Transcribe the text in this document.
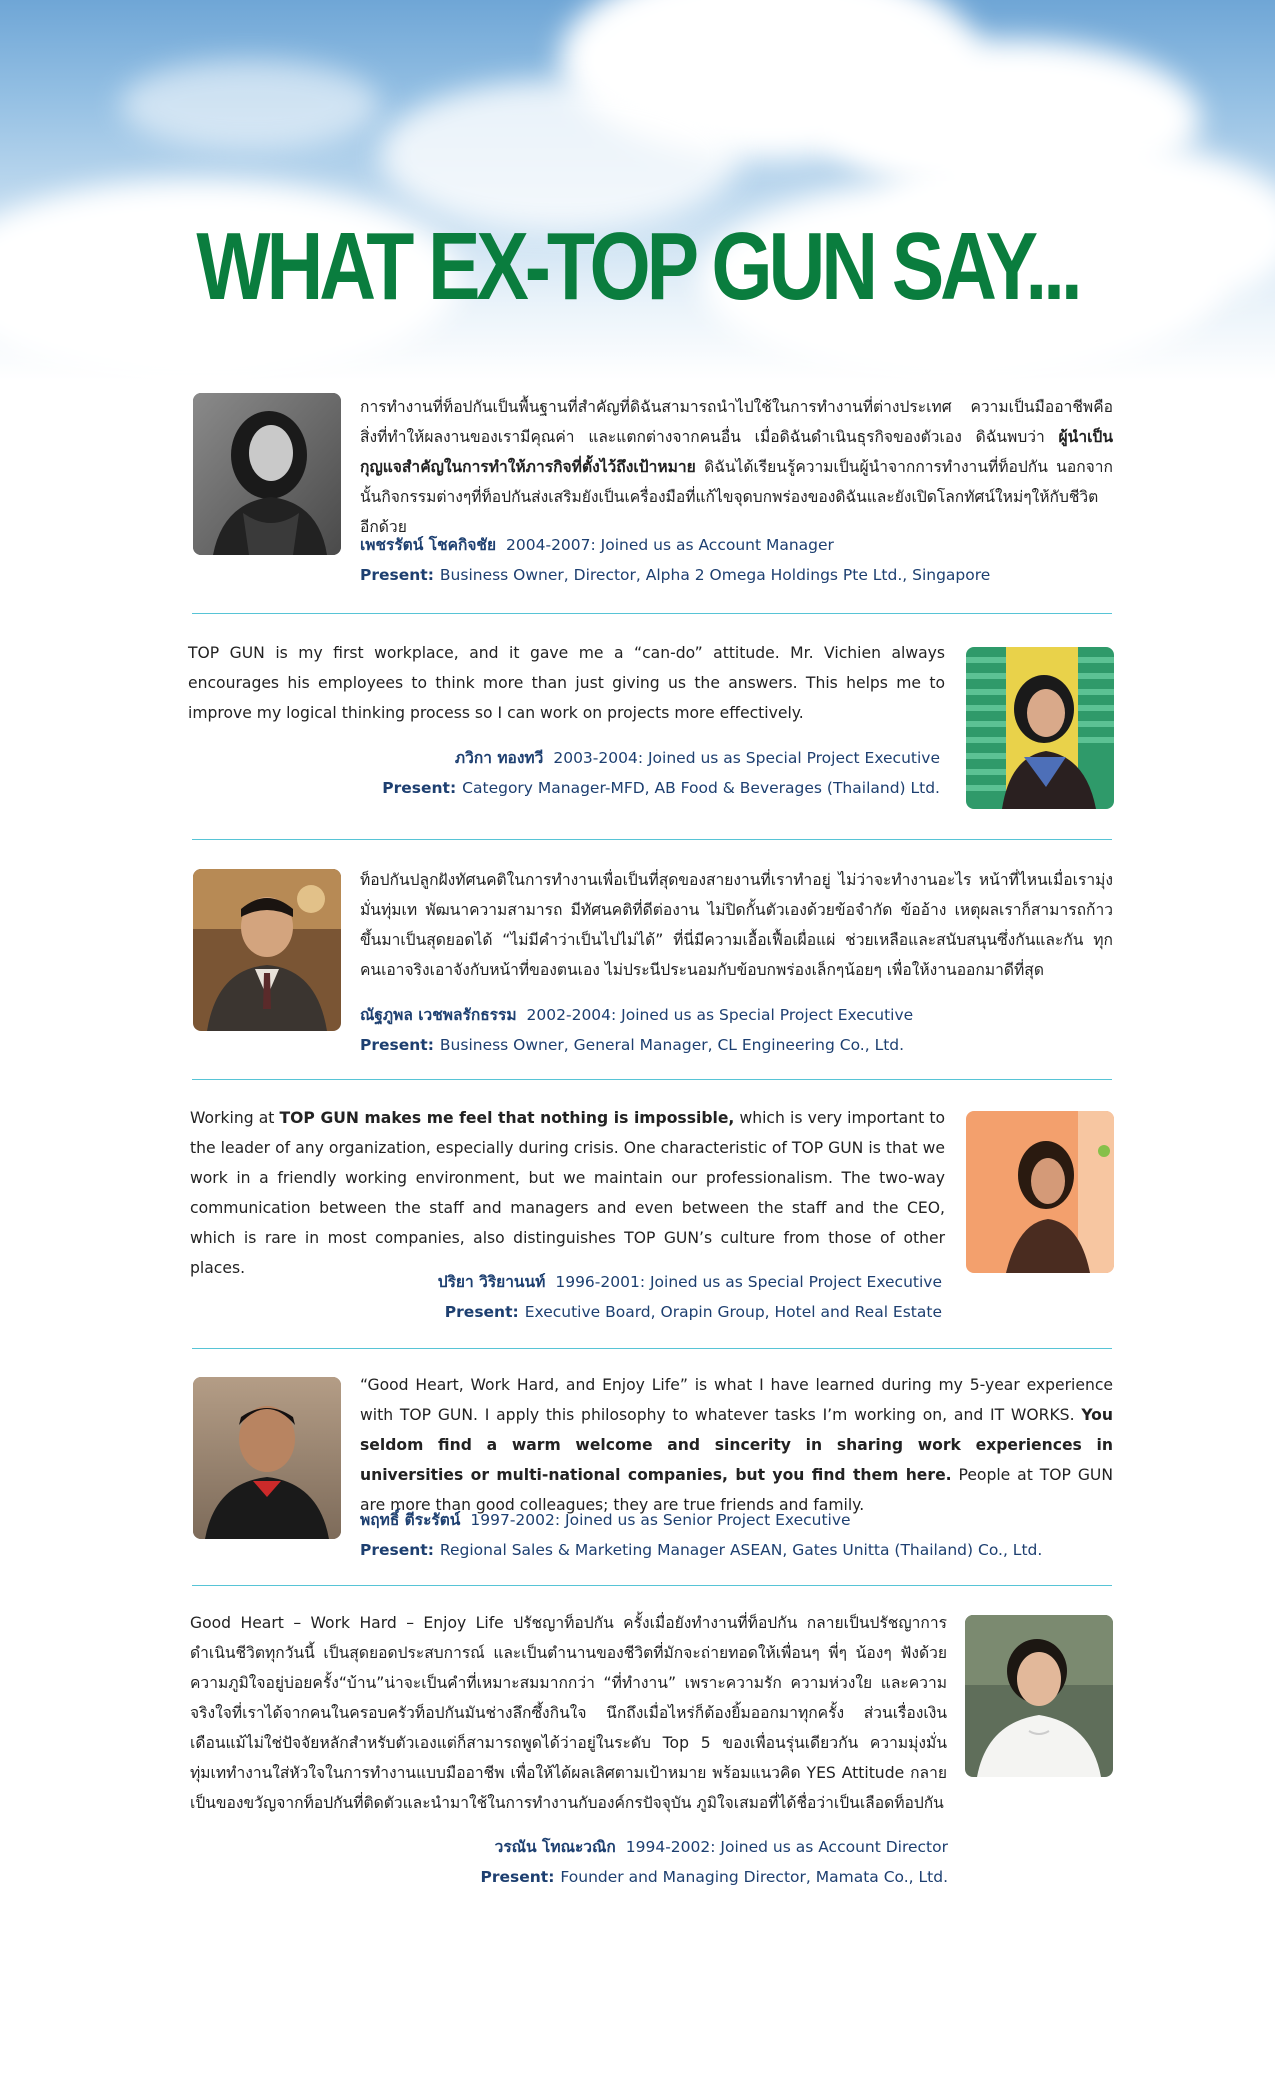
WHAT EX-TOP GUN SAY...

การทำงานที่ท็อปกันเป็นพื้นฐานที่สำคัญที่ดิฉันสามารถนำไปใช้ในการทำงานที่ต่างประเทศ ความเป็นมืออาชีพคือ สิ่งที่ทำให้ผลงานของเรามีคุณค่า และแตกต่างจากคนอื่น เมื่อดิฉันดำเนินธุรกิจของตัวเอง ดิฉันพบว่า ผู้นำเป็นกุญแจสำคัญในการทำให้ภารกิจที่ตั้งไว้ถึงเป้าหมาย ดิฉันได้เรียนรู้ความเป็นผู้นำจากการทำงานที่ท็อปกัน นอกจากนั้นกิจกรรมต่างๆที่ท็อปกันส่งเสริมยังเป็นเครื่องมือที่แก้ไขจุดบกพร่องของดิฉันและยังเปิดโลกทัศน์ใหม่ๆให้กับชีวิตอีกด้วย

เพชรรัตน์ โชคกิจชัย 2004-2007: Joined us as Account Manager
Present: Business Owner, Director, Alpha 2 Omega Holdings Pte Ltd., Singapore

TOP GUN is my first workplace, and it gave me a “can-do” attitude. Mr. Vichien always encourages his employees to think more than just giving us the answers. This helps me to improve my logical thinking process so I can work on projects more effectively.

ภวิกา ทองทวี 2003-2004: Joined us as Special Project Executive
Present: Category Manager-MFD, AB Food & Beverages (Thailand) Ltd.

ท็อปกันปลูกฝังทัศนคติในการทำงานเพื่อเป็นที่สุดของสายงานที่เราทำอยู่ ไม่ว่าจะทำงานอะไร หน้าที่ไหนเมื่อเรามุ่งมั่นทุ่มเท พัฒนาความสามารถ มีทัศนคติที่ดีต่องาน ไม่ปิดกั้นตัวเองด้วยข้อจำกัด ข้ออ้าง เหตุผลเราก็สามารถก้าวขึ้นมาเป็นสุดยอดได้ “ไม่มีคำว่าเป็นไปไม่ได้” ที่นี่มีความเอื้อเฟื้อเผื่อแผ่ ช่วยเหลือและสนับสนุนซึ่งกันและกัน ทุกคนเอาจริงเอาจังกับหน้าที่ของตนเอง ไม่ประนีประนอมกับข้อบกพร่องเล็กๆน้อยๆ เพื่อให้งานออกมาดีที่สุด

ณัฐภูพล เวชพลรักธรรม 2002-2004: Joined us as Special Project Executive
Present: Business Owner, General Manager, CL Engineering Co., Ltd.

Working at TOP GUN makes me feel that nothing is impossible, which is very important to the leader of any organization, especially during crisis. One characteristic of TOP GUN is that we work in a friendly working environment, but we maintain our professionalism. The two-way communication between the staff and managers and even between the staff and the CEO, which is rare in most companies, also distinguishes TOP GUN’s culture from those of other places.

ปริยา วิริยานนท์ 1996-2001: Joined us as Special Project Executive
Present: Executive Board, Orapin Group, Hotel and Real Estate

“Good Heart, Work Hard, and Enjoy Life” is what I have learned during my 5-year experience with TOP GUN. I apply this philosophy to whatever tasks I’m working on, and IT WORKS. You seldom find a warm welcome and sincerity in sharing work experiences in universities or multi-national companies, but you find them here. People at TOP GUN are more than good colleagues; they are true friends and family.

พฤทธิ์ ตีระรัตน์ 1997-2002: Joined us as Senior Project Executive
Present: Regional Sales & Marketing Manager ASEAN, Gates Unitta (Thailand) Co., Ltd.

Good Heart – Work Hard – Enjoy Life ปรัชญาท็อปกัน ครั้งเมื่อยังทำงานที่ท็อปกัน กลายเป็นปรัชญาการดำเนินชีวิตทุกวันนี้ เป็นสุดยอดประสบการณ์ และเป็นตำนานของชีวิตที่มักจะถ่ายทอดให้เพื่อนๆ พี่ๆ น้องๆ ฟังด้วยความภูมิใจอยู่บ่อยครั้ง“บ้าน”น่าจะเป็นคำที่เหมาะสมมากกว่า “ที่ทำงาน” เพราะความรัก ความห่วงใย และความจริงใจที่เราได้จากคนในครอบครัวท็อปกันมันช่างลึกซึ้งกินใจ นึกถึงเมื่อไหร่ก็ต้องยิ้มออกมาทุกครั้ง ส่วนเรื่องเงินเดือนแม้ไม่ใช่ปัจจัยหลักสำหรับตัวเองแต่ก็สามารถพูดได้ว่าอยู่ในระดับ Top 5 ของเพื่อนรุ่นเดียวกัน ความมุ่งมั่นทุ่มเททำงานใส่หัวใจในการทำงานแบบมืออาชีพ เพื่อให้ได้ผลเลิศตามเป้าหมาย พร้อมแนวคิด YES Attitude กลายเป็นของขวัญจากท็อปกันที่ติดตัวและนำมาใช้ในการทำงานกับองค์กรปัจจุบัน ภูมิใจเสมอที่ได้ชื่อว่าเป็นเลือดท็อปกัน

วรณัน โทณะวณิก 1994-2002: Joined us as Account Director
Present: Founder and Managing Director, Mamata Co., Ltd.
